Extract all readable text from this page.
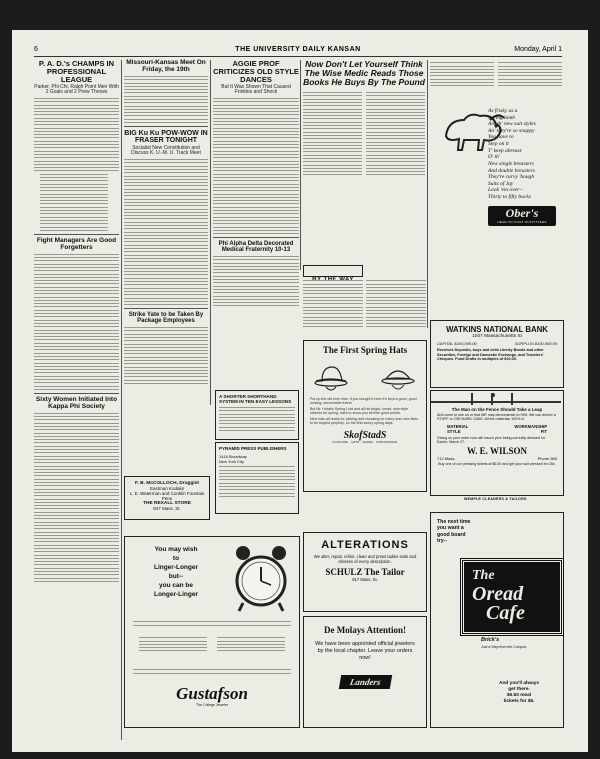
6	THE UNIVERSITY DAILY KANSAN	Monday, April 1
P. A. D.'s CHAMPS IN PROFESSIONAL LEAGUE
Parker, Phi Chi, Ralph Point Men With 2 Goals and 2 Prew Throws
Fight Managers Are Good Forgetters
Sixty Women Initiated Into Kappa Phi Society
Missouri-Kansas Meet On Friday, the 19th
BIG Ku Ku POW-WOW IN FRASER TONIGHT
Socialist New Constitution and Discuss K. U.-M. U. Track Meet
Strike Yate to be Taken By Package Employees
F. B. McCOLLOCH, Druggist
Eastman Kodaks
L. E. Waterman and Conklin Fountain Pens
THE REXALL STORE
847 Mass. St.
AGGIE PROF CRITICIZES OLD STYLE DANCES
But It Was Shown That Caused Frinkles and Shock
Phi Alpha Delta Decorated Medical Fraternity 10-13
A SHORTER SHORTHAND SYSTEM IN TEN EASY LESSONS
PYRAMID PRESS PUBLISHERS
1416 Broadway
New York City
Now Don't Let Yourself Think The Wise Medic Reads Those Books He Buys By The Pound
As frisky as a
Spring lamb
Are th' new suit styles
An' they're so snappy
You have to
Step on it
T' keep abreast
O' th'
New single breasters
And double breasters
They're curvy 'bough
Suits of Jay
Look 'em over--
Thirty to fifty bucks
Ober's
HEAD-TO-FOOT OUTFITTERS
The First Spring Hats

Put up the old time time. If you bought it here it's kept a good, good looking, serviceable friend.

But Mr. Hotatio Spring Lidd and all his bright, smart, new style robbots for spring, want to show you all their good points.

New hats all ready for picking and choosing for every man who likes to be topped properly, on the first sunny spring days.

SkofStadS
CLOTHING · HATS · SHOES · FURNISHINGS
WATKINS NATIONAL BANK
1047 Massachusetts St
CAPITAL $100,000.00	SURPLUS $100,000.00
Receives Deposits, buys and sells Liberty Bonds and other Securities, Foreign and Domestic Exchange, and Travelers' Cheques. Fund Drafts in multiples of $10.00.
The Man on the Fence Should Take a Leap
And come to see us or that WE may demonstrate to HIM. We can deliver a STUFF or ORCHARD CAKE. All the materials 100% in
MATERIAL	WORKMANSHIP
STYLE	FIT
Giving us your order now will insure your being correctly dressed for Easter, March 27.
W. E. WILSON
712 Mass.	Phone 565
Buy one of our pressing tickets at $5.00 and get your suit pressed for 25c.
WEMPLE CLEANERS & TAILORS
ALTERATIONS
We alter, repair, reline, clean and press ladies suits and dresses of every description.
SCHULZ The Tailor
917 Mass. St.
De Molays Attention!
We have been appointed official jewelers by the local chapter. Leave your orders now!
Landers
You may wish
to
Linger-Longer
but--
you can be
Longer-Linger
Gustafson
The College Jeweler
The next time
you want a
good board
try--
The
Oread
Cafe
Brick's
Just a Step from the Campus
And you'll always
get there.
$5.50 meal
tickets for $5.
